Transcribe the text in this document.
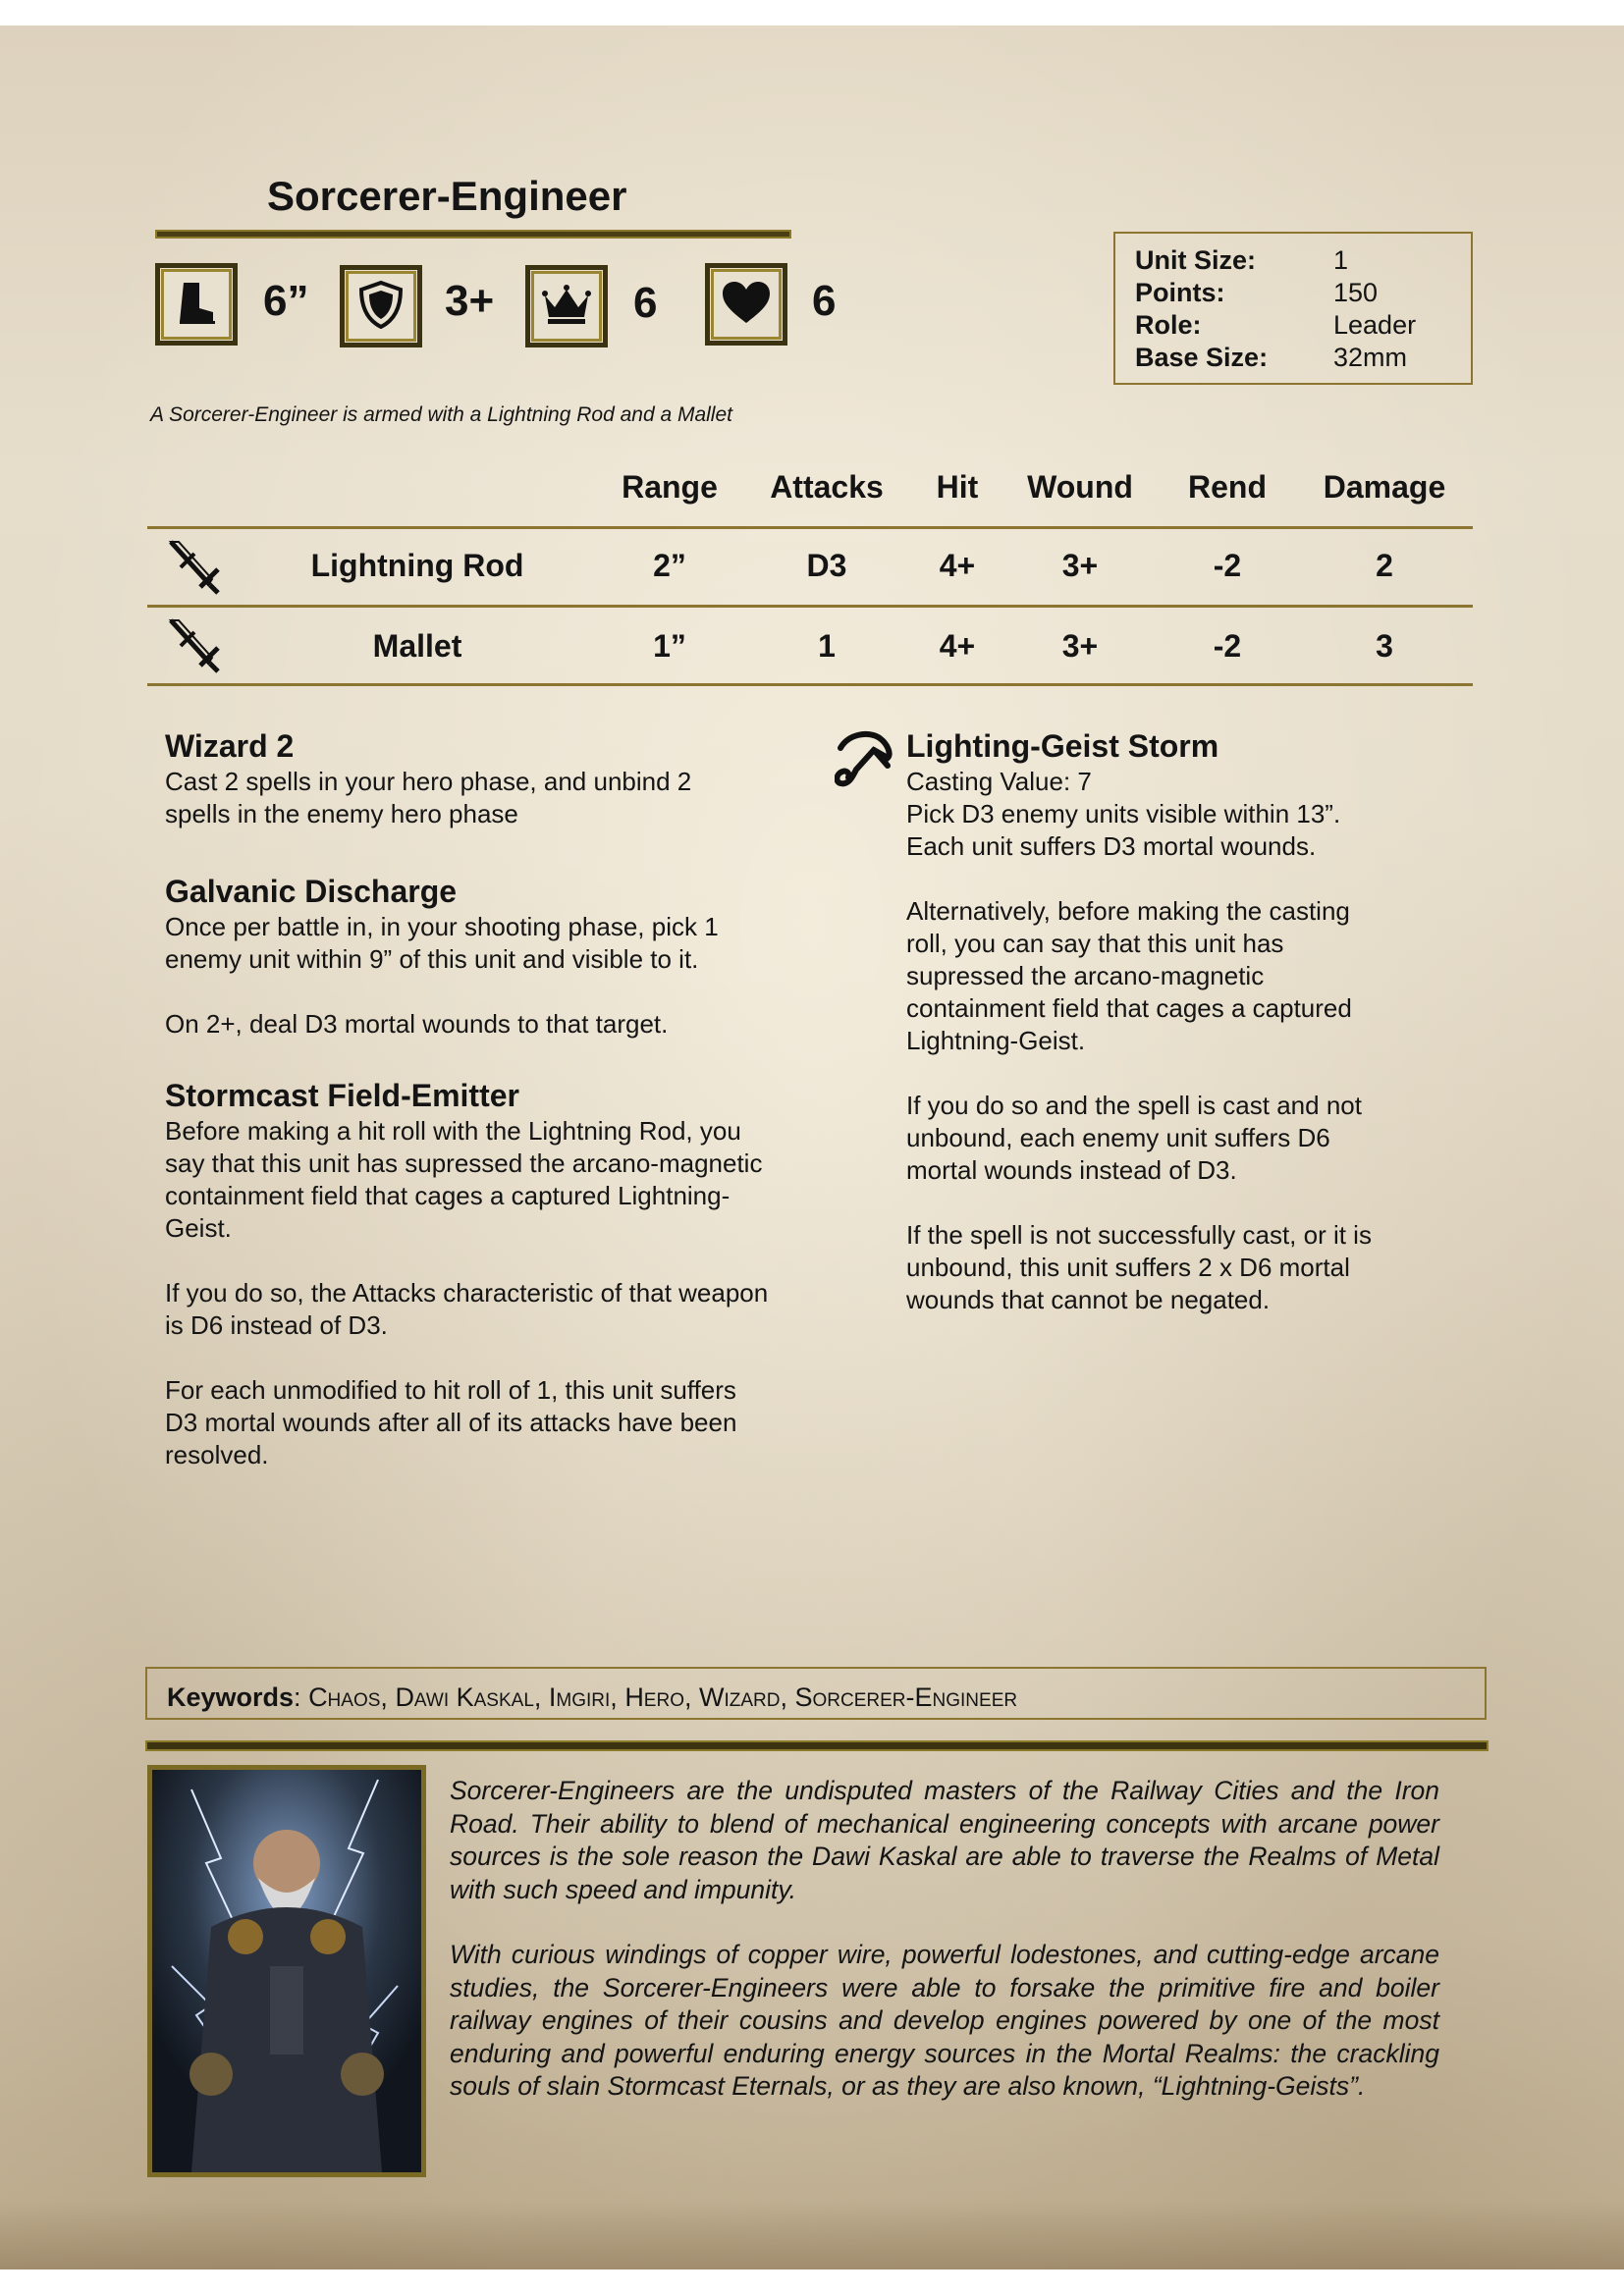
Sorcerer-Engineer
6”	3+	6	6
Unit Size:	1
Points:	150
Role:	Leader
Base Size: 32mm
A Sorcerer-Engineer is armed with a Lightning Rod and a Mallet
Range	Attacks	Hit	Wound	Rend	Damage
Lightning Rod	2”	D3	4+	3+	-2	2
Mallet	1”	1	4+	3+	-2	3
Wizard 2
Cast 2 spells in your hero phase, and unbind 2
spells in the enemy hero phase
Galvanic Discharge
Once per battle in, in your shooting phase, pick 1
enemy unit within 9” of this unit and visible to it.

On 2+, deal D3 mortal wounds to that target.
Stormcast Field-Emitter
Before making a hit roll with the Lightning Rod, you
say that this unit has supressed the arcano-magnetic
containment field that cages a captured Lightning-
Geist.

If you do so, the Attacks characteristic of that weapon
is D6 instead of D3.

For each unmodified to hit roll of 1, this unit suffers
D3 mortal wounds after all of its attacks have been
resolved.
Lighting-Geist Storm
Casting Value: 7
Pick D3 enemy units visible within 13”.
Each unit suffers D3 mortal wounds.

Alternatively, before making the casting
roll, you can say that this unit has
supressed the arcano-magnetic
containment field that cages a captured
Lightning-Geist.

If you do so and the spell is cast and not
unbound, each enemy unit suffers D6
mortal wounds instead of D3.

If the spell is not successfully cast, or it is
unbound, this unit suffers 2 x D6 mortal
wounds that cannot be negated.
Keywords: Chaos, Dawi Kaskal, Imgiri, Hero, Wizard, Sorcerer-Engineer

Sorcerer-Engineers are the undisputed masters of the Railway Cities and the Iron Road. Their ability to blend of mechanical engineering concepts with arcane power sources is the sole reason the Dawi Kaskal are able to traverse the Realms of Metal with such speed and impunity.

With curious windings of copper wire, powerful lodestones, and cutting-edge arcane studies, the Sorcerer-Engineers were able to forsake the primitive fire and boiler railway engines of their cousins and develop engines powered by one of the most enduring and powerful enduring energy sources in the Mortal Realms: the crackling souls of slain Stormcast Eternals, or as they are also known, “Lightning-Geists”.
